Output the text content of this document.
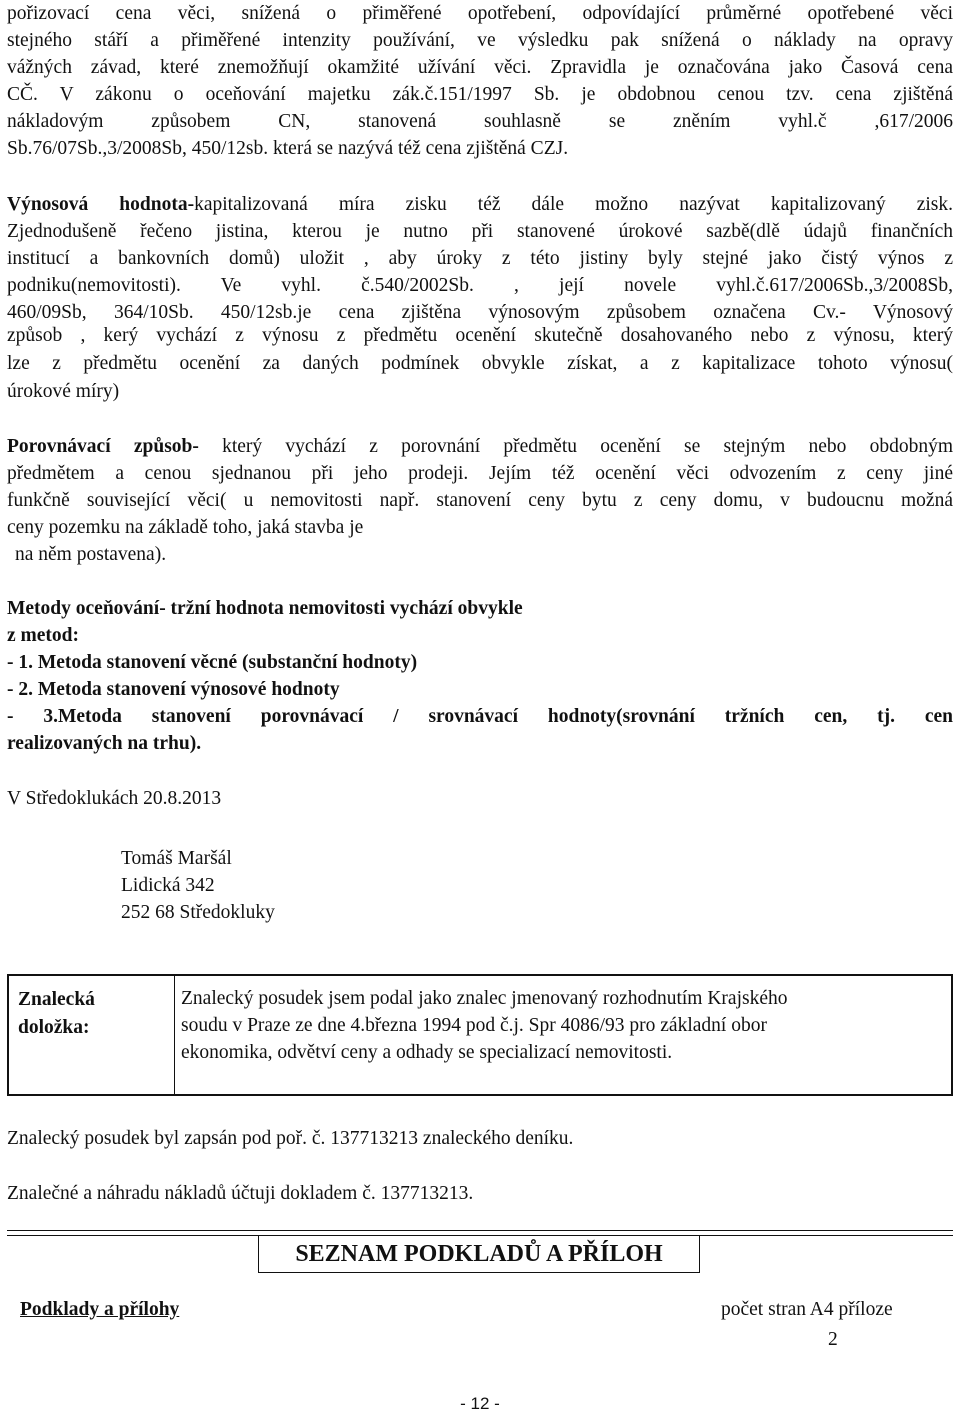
pořizovací cena věci, snížená o přiměřené opotřebení, odpovídající průměrné opotřebené věci
stejného stáří a přiměřené intenzity používání, ve výsledku pak snížená o náklady na opravy
vážných závad, které znemožňují okamžité užívání věci. Zpravidla je označována jako Časová cena
CČ. V zákonu o oceňování majetku zák.č.151/1997 Sb. je obdobnou cenou tzv. cena zjištěná
nákladovým způsobem CN, stanovená souhlasně se zněním vyhl.č ,617/2006
Sb.76/07Sb.,3/2008Sb, 450/12sb. která se nazývá též cena zjištěná CZJ.
Výnosová hodnota-kapitalizovaná míra zisku též dále možno nazývat kapitalizovaný zisk.
Zjednodušeně řečeno jistina, kterou je nutno při stanovené úrokové sazbě(dlě údajů finančních
institucí a bankovních domů) uložit , aby úroky z této jistiny byly stejné jako čistý výnos z
podniku(nemovitosti). Ve vyhl. č.540/2002Sb. , její novele vyhl.č.617/2006Sb.,3/2008Sb,
460/09Sb, 364/10Sb. 450/12sb.je cena zjištěna výnosovým způsobem označena Cv.- Výnosový
způsob , kerý vychází z výnosu z předmětu ocenění skutečně dosahovaného nebo z výnosu, který
lze z předmětu ocenění za daných podmínek obvykle získat, a z kapitalizace tohoto výnosu(
úrokové míry)
Porovnávací způsob- který vychází z porovnání předmětu ocenění se stejným nebo obdobným
předmětem a cenou sjednanou při jeho prodeji. Jejím též ocenění věci odvozením z ceny jiné
funkčně související věci( u nemovitosti např. stanovení ceny bytu z ceny domu, v budoucnu možná
ceny pozemku na základě toho, jaká stavba je
na něm postavena).
Metody oceňování- tržní hodnota nemovitosti vychází obvykle
z metod:
- 1. Metoda stanovení věcné (substanční hodnoty)
- 2. Metoda stanovení výnosové hodnoty
- 3.Metoda stanovení porovnávací / srovnávací hodnoty(srovnání tržních cen, tj. cen
realizovaných na trhu).
V Středoklukách 20.8.2013
Tomáš Maršál
Lidická 342
252 68 Středokluky
Znalecká
doložka:
Znalecký posudek jsem podal jako znalec jmenovaný rozhodnutím Krajského
soudu v Praze ze dne 4.března 1994 pod č.j. Spr 4086/93 pro základní obor
ekonomika, odvětví ceny a odhady se specializací nemovitosti.
Znalecký posudek byl zapsán pod poř. č. 137713213 znaleckého deníku.
Znalečné a náhradu nákladů účtuji dokladem č. 137713213.
SEZNAM PODKLADŮ A PŘÍLOH
Podklady a přílohy	počet stran A4 příloze
2
- 12 -
